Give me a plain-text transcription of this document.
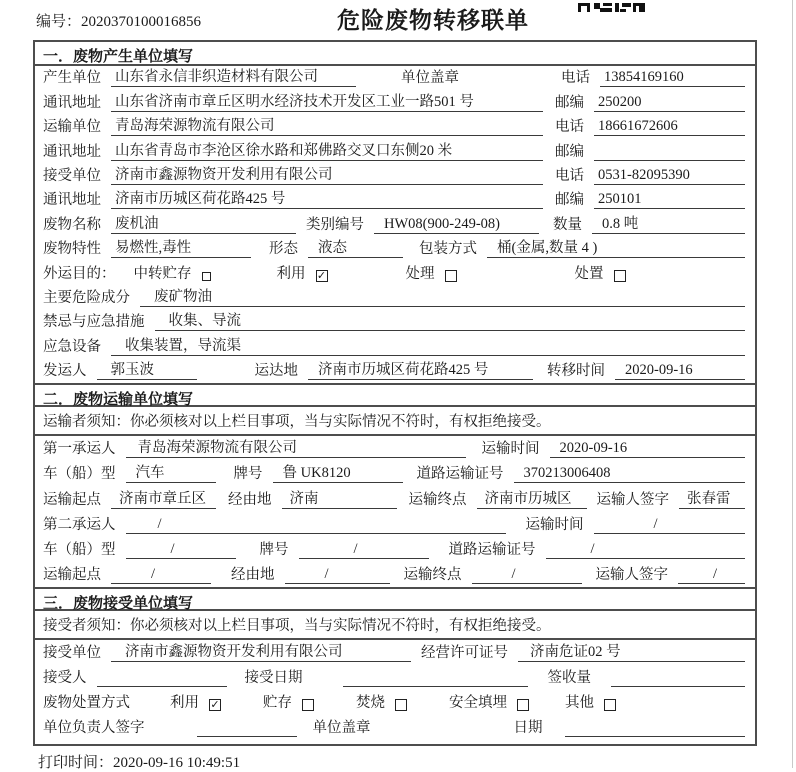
编号：2020370100016856	危险废物转移联单
一．废物产生单位填写
产生单位 山东省永信非织造材料有限公司	单位盖章	电话 13854169160
通讯地址 山东省济南市章丘区明水经济技术开发区工业一路501 号	邮编 250200
运输单位 青岛海荣源物流有限公司	电话 18661672606
通讯地址 山东省青岛市李沧区徐水路和郑佛路交叉口东侧20 米	邮编
接受单位 济南市鑫源物资开发利用有限公司	电话 0531-82095390
通讯地址 济南市历城区荷花路425 号	邮编 250101
废物名称 废机油	类别编号	HW08(900-249-08)	数量	0.8 吨
废物特性 易燃性,毒性	形态	液态	包装方式	桶(金属,数量 4 )
外运目的： 中转贮存	利用 ✓	处理	处置
主要危险成分	废矿物油
禁忌与应急措施	收集、导流
应急设备	收集装置，导流渠
发运人	郭玉波	运达地	济南市历城区荷花路425 号	转移时间	2020-09-16
二．废物运输单位填写
运输者须知：你必须核对以上栏目事项，当与实际情况不符时，有权拒绝接受。
第一承运人	青岛海荣源物流有限公司	运输时间	2020-09-16
车（船）型	汽车	牌号	鲁 UK8120	道路运输证号	370213006408
运输起点	济南市章丘区	经由地	济南	运输终点	济南市历城区	运输人签字	张春雷
第二承运人	/	运输时间	/
车（船）型	/	牌号	/	道路运输证号	/
运输起点	/	经由地	/	运输终点	/	运输人签字	/
三．废物接受单位填写
接受者须知：你必须核对以上栏目事项，当与实际情况不符时，有权拒绝接受。
接受单位	济南市鑫源物资开发利用有限公司	经营许可证号	济南危证02 号
接受人	接受日期	签收量
废物处置方式	利用 ✓	贮存	焚烧	安全填埋	其他
单位负责人签字	单位盖章	日期
打印时间：2020-09-16 10:49:51
